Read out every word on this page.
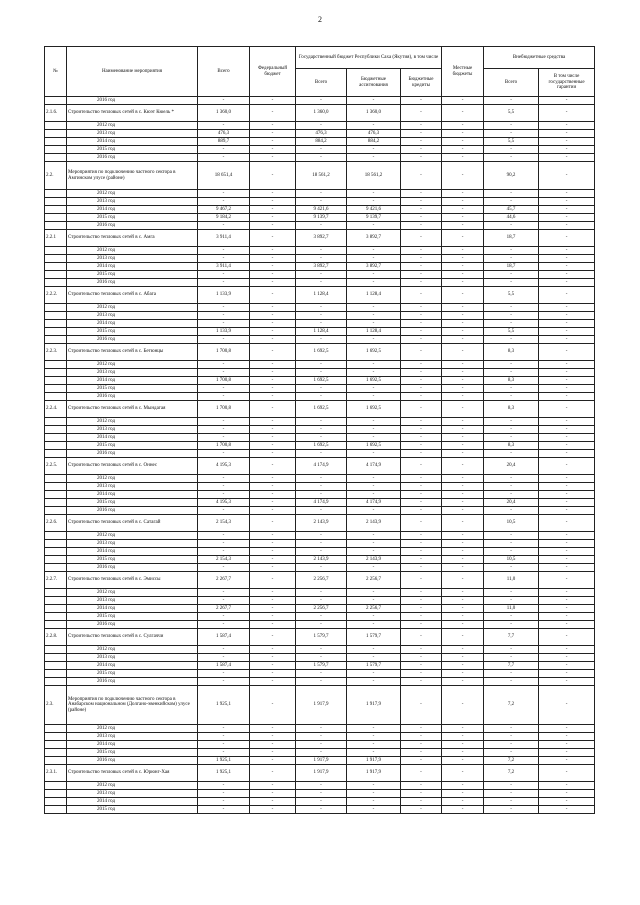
2
№	Наименование мероприятия	Всего	Федеральный бюджет	Государственный бюджет Республики Саха (Якутия), в том числе			Местные бюджеты	Внебюджетные средства	
				Всего	Бюджетные ассигнования	Бюджетные кредиты		Всего	В том числе государственные гарантии
	2016 год	-	-	-	-	-	-	-	-
2.1.6.	Строительство тепловых сетей в с. Кюэт Кюель *	1 360,0	-	1 360,0	1 360,0	-	-	5,5	-
	2012 год	-	-	-	-	-	-	-	-
	2013 год	476,3	-	476,3	476,3	-	-	-	-
	2014 год	889,7	-	884,2	884,2	-	-	5,5	-
	2015 год	-	-	-	-	-	-	-	-
	2016 год	-	-	-	-	-	-	-	-
2.2.	Мероприятия по подключению частного сектора в Амгинском улусе (районе)	18 651,4	-	18 561,2	18 561,2	-	-	90,2	-
	2012 год	-	-	-	-	-	-	-	-
	2013 год	-	-	-	-	-	-	-	-
	2014 год	9 467,2	-	9 421,6	9 421,6	-	-	45,7	-
	2015 год	9 184,2	-	9 139,7	9 139,7	-	-	44,6	-
	2016 год	-	-	-	-	-	-	-	-
2.2.1	Строительство тепловых сетей в с. Амга	3 911,4	-	3 892,7	3 892,7	-	-	18,7	-
	2012 год	-	-	-	-	-	-	-	-
	2013 год	-	-	-	-	-	-	-	-
	2014 год	3 911,4	-	3 892,7	3 892,7	-	-	18,7	-
	2015 год	-	-	-	-	-	-	-	-
	2016 год	-	-	-	-	-	-	-	-
2.2.2.	Строительство тепловых сетей в с. Абага	1 133,9	-	1 128,4	1 128,4	-	-	5,5	-
	2012 год	-	-	-	-	-	-	-	-
	2013 год	-	-	-	-	-	-	-	-
	2014 год	-	-	-	-	-	-	-	-
	2015 год	1 133,9	-	1 128,4	1 128,4	-	-	5,5	-
	2016 год	-	-	-	-	-	-	-	-
2.2.3.	Строительство тепловых сетей в с. Бетюнцы	1 700,8	-	1 692,5	1 692,5	-	-	8,3	-
	2012 год	-	-	-	-	-	-	-	-
	2013 год	-	-	-	-	-	-	-	-
	2014 год	1 700,8	-	1 692,5	1 692,5	-	-	8,3	-
	2015 год	-	-	-	-	-	-	-	-
	2016 год	-	-	-	-	-	-	-	-
2.2.4.	Строительство тепловых сетей в с. Мындагая	1 700,8	-	1 692,5	1 692,5	-	-	8,3	-
	2012 год	-	-	-	-	-	-	-	-
	2013 год	-	-	-	-	-	-	-	-
	2014 год	-	-	-	-	-	-	-	-
	2015 год	1 700,8	-	1 692,5	1 692,5	-	-	8,3	-
	2016 год	-	-	-	-	-	-	-	-
2.2.5.	Строительство тепловых сетей в с. Оннес	4 195,3	-	4 174,9	4 174,9	-	-	20,4	-
	2012 год	-	-	-	-	-	-	-	-
	2013 год	-	-	-	-	-	-	-	-
	2014 год	-	-	-	-	-	-	-	-
	2015 год	4 195,3	-	4 174,9	4 174,9	-	-	20,4	-
	2016 год	-	-	-	-	-	-	-	-
2.2.6.	Строительство тепловых сетей в с. Сатагай	2 154,3	-	2 143,9	2 143,9	-	-	10,5	-
	2012 год	-	-	-	-	-	-	-	-
	2013 год	-	-	-	-	-	-	-	-
	2014 год	-	-	-	-	-	-	-	-
	2015 год	2 154,3	-	2 143,9	2 143,9	-	-	10,5	-
	2016 год	-	-	-	-	-	-	-	-
2.2.7.	Строительство тепловых сетей в с. Эмиссы	2 267,7	-	2 256,7	2 256,7	-	-	11,0	-
	2012 год	-	-	-	-	-	-	-	-
	2013 год	-	-	-	-	-	-	-	-
	2014 год	2 267,7	-	2 256,7	2 256,7	-	-	11,0	-
	2015 год	-	-	-	-	-	-	-	-
	2016 год	-	-	-	-	-	-	-	-
2.2.8.	Строительство тепловых сетей в с. Сулгаччи	1 587,4	-	1 579,7	1 579,7	-	-	7,7	-
	2012 год	-	-	-	-	-	-	-	-
	2013 год	-	-	-	-	-	-	-	-
	2014 год	1 587,4	-	1 579,7	1 579,7	-	-	7,7	-
	2015 год	-	-	-	-	-	-	-	-
	2016 год	-	-	-	-	-	-	-	-
2.3.	Мероприятия по подключению частного сектора в Анабарском национальном (Долгано-эвенкийском) улусе (районе)	1 925,1	-	1 917,9	1 917,9	-	-	7,2	-
	2012 год	-	-	-	-	-	-	-	-
	2013 год	-	-	-	-	-	-	-	-
	2014 год	-	-	-	-	-	-	-	-
	2015 год	-	-	-	-	-	-	-	-
	2016 год	1 925,1	-	1 917,9	1 917,9	-	-	7,2	-
2.3.1.	Строительство тепловых сетей в с. Юрюнг-Хая	1 925,1	-	1 917,9	1 917,9	-	-	7,2	-
	2012 год	-	-	-	-	-	-	-	-
	2013 год	-	-	-	-	-	-	-	-
	2014 год	-	-	-	-	-	-	-	-
	2015 год	-	-	-	-	-	-	-	-
